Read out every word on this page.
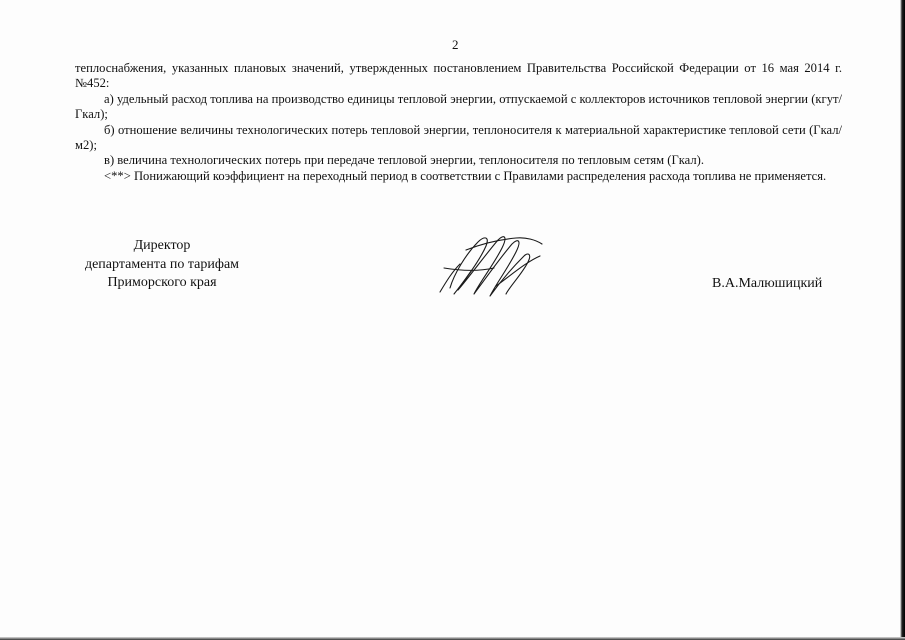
2

теплоснабжения, указанных плановых значений, утвержденных постановлением Правительства Российской Федерации от 16 мая 2014 г. №452:

а) удельный расход топлива на производство единицы тепловой энергии, отпускаемой с коллекторов источников тепловой энергии (кгут/Гкал);

б) отношение величины технологических потерь тепловой энергии, теплоносителя к материальной характеристике тепловой сети (Гкал/м2);

в) величина технологических потерь при передаче тепловой энергии, теплоносителя по тепловым сетям (Гкал).

<**> Понижающий коэффициент на переходный период в соответствии с Правилами распределения расхода топлива не применяется.

Директор
департамента по тарифам
Приморского края	В.А.Малюшицкий
